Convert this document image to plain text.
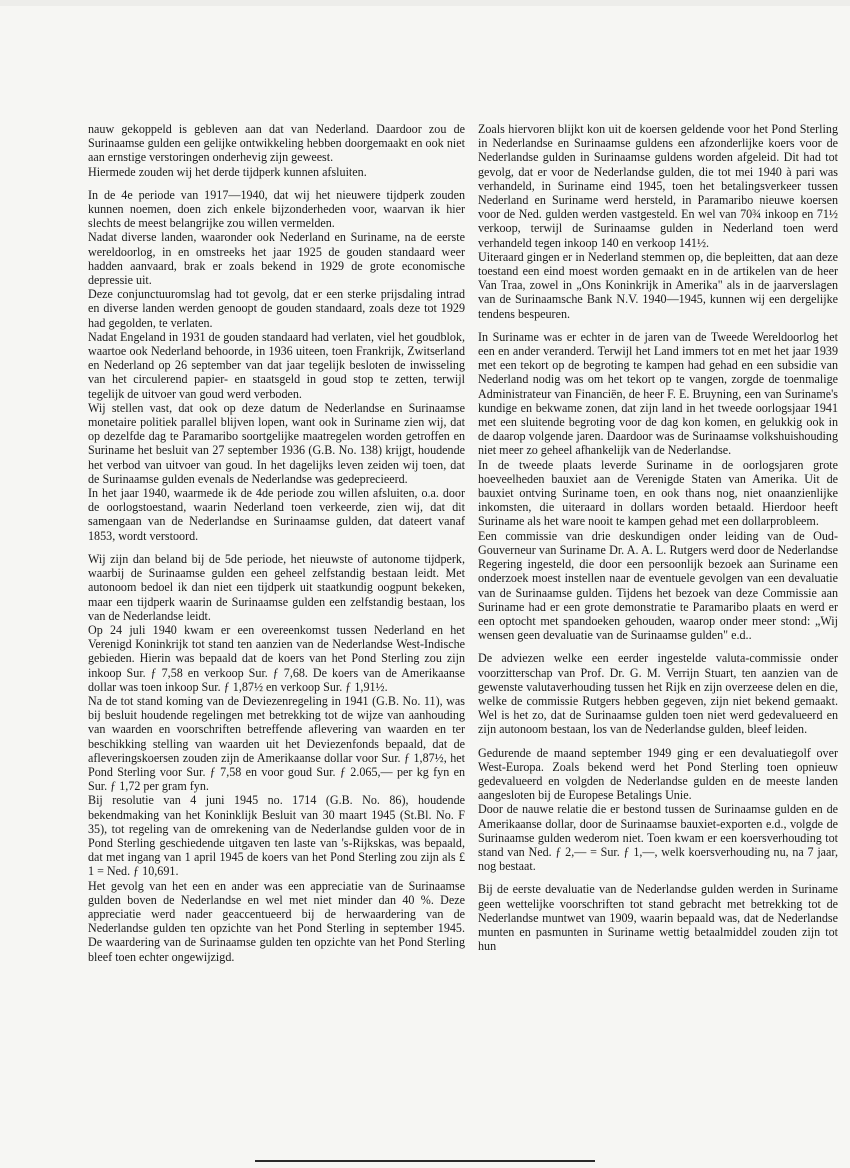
nauw gekoppeld is gebleven aan dat van Nederland. Daardoor zou de Surinaamse gulden een gelijke ontwikkeling hebben doorgemaakt en ook niet aan ernstige verstoringen onderhevig zijn geweest.

Hiermede zouden wij het derde tijdperk kunnen afsluiten.

In de 4e periode van 1917—1940, dat wij het nieuwere tijdperk zouden kunnen noemen, doen zich enkele bijzonderheden voor, waarvan ik hier slechts de meest belangrijke zou willen vermelden.

Nadat diverse landen, waaronder ook Nederland en Suriname, na de eerste wereldoorlog, in en omstreeks het jaar 1925 de gouden standaard weer hadden aanvaard, brak er zoals bekend in 1929 de grote economische depressie uit.

Deze conjunctuuromslag had tot gevolg, dat er een sterke prijsdaling intrad en diverse landen werden genoopt de gouden standaard, zoals deze tot 1929 had gegolden, te verlaten.

Nadat Engeland in 1931 de gouden standaard had verlaten, viel het goudblok, waartoe ook Nederland behoorde, in 1936 uiteen, toen Frankrijk, Zwitserland en Nederland op 26 september van dat jaar tegelijk besloten de inwisseling van het circulerend papier- en staatsgeld in goud stop te zetten, terwijl tegelijk de uitvoer van goud werd verboden.

Wij stellen vast, dat ook op deze datum de Nederlandse en Surinaamse monetaire politiek parallel blijven lopen, want ook in Suriname zien wij, dat op dezelfde dag te Paramaribo soortgelijke maatregelen worden getroffen en Suriname het besluit van 27 september 1936 (G.B. No. 138) krijgt, houdende het verbod van uitvoer van goud. In het dagelijks leven zeiden wij toen, dat de Surinaamse gulden evenals de Nederlandse was gedeprecieerd.

In het jaar 1940, waarmede ik de 4de periode zou willen afsluiten, o.a. door de oorlogstoestand, waarin Nederland toen verkeerde, zien wij, dat dit samengaan van de Nederlandse en Surinaamse gulden, dat dateert vanaf 1853, wordt verstoord.

Wij zijn dan beland bij de 5de periode, het nieuwste of autonome tijdperk, waarbij de Surinaamse gulden een geheel zelfstandig bestaan leidt. Met autonoom bedoel ik dan niet een tijdperk uit staatkundig oogpunt bekeken, maar een tijdperk waarin de Surinaamse gulden een zelfstandig bestaan, los van de Nederlandse leidt.

Op 24 juli 1940 kwam er een overeenkomst tussen Nederland en het Verenigd Koninkrijk tot stand ten aanzien van de Nederlandse West-Indische gebieden. Hierin was bepaald dat de koers van het Pond Sterling zou zijn inkoop Sur. ƒ 7,58 en verkoop Sur. ƒ 7,68. De koers van de Amerikaanse dollar was toen inkoop Sur. ƒ 1,87½ en verkoop Sur. ƒ 1,91½.

Na de tot stand koming van de Deviezenregeling in 1941 (G.B. No. 11), was bij besluit houdende regelingen met betrekking tot de wijze van aanhouding van waarden en voorschriften betreffende aflevering van waarden en ter beschikking stelling van waarden uit het Deviezenfonds bepaald, dat de afleveringskoersen zouden zijn de Amerikaanse dollar voor Sur. ƒ 1,87½, het Pond Sterling voor Sur. ƒ 7,58 en voor goud Sur. ƒ 2.065,— per kg fyn en Sur. ƒ 1,72 per gram fyn.

Bij resolutie van 4 juni 1945 no. 1714 (G.B. No. 86), houdende bekendmaking van het Koninklijk Besluit van 30 maart 1945 (St.Bl. No. F 35), tot regeling van de omrekening van de Nederlandse gulden voor de in Pond Sterling geschiedende uitgaven ten laste van 's-Rijkskas, was bepaald, dat met ingang van 1 april 1945 de koers van het Pond Sterling zou zijn als £ 1 = Ned. ƒ 10,691.

Het gevolg van het een en ander was een appreciatie van de Surinaamse gulden boven de Nederlandse en wel met niet minder dan 40 %. Deze appreciatie werd nader geaccentueerd bij de herwaardering van de Nederlandse gulden ten opzichte van het Pond Sterling in september 1945. De waardering van de Surinaamse gulden ten opzichte van het Pond Sterling bleef toen echter ongewijzigd.

Zoals hiervoren blijkt kon uit de koersen geldende voor het Pond Sterling in Nederlandse en Surinaamse guldens een afzonderlijke koers voor de Nederlandse gulden in Surinaamse guldens worden afgeleid. Dit had tot gevolg, dat er voor de Nederlandse gulden, die tot mei 1940 à pari was verhandeld, in Suriname eind 1945, toen het betalingsverkeer tussen Nederland en Suriname werd hersteld, in Paramaribo nieuwe koersen voor de Ned. gulden werden vastgesteld. En wel van 70¾ inkoop en 71½ verkoop, terwijl de Surinaamse gulden in Nederland toen werd verhandeld tegen inkoop 140 en verkoop 141½.

Uiteraard gingen er in Nederland stemmen op, die bepleitten, dat aan deze toestand een eind moest worden gemaakt en in de artikelen van de heer Van Traa, zowel in „Ons Koninkrijk in Amerika" als in de jaarverslagen van de Surinaamsche Bank N.V. 1940—1945, kunnen wij een dergelijke tendens bespeuren.

In Suriname was er echter in de jaren van de Tweede Wereldoorlog het een en ander veranderd. Terwijl het Land immers tot en met het jaar 1939 met een tekort op de begroting te kampen had gehad en een subsidie van Nederland nodig was om het tekort op te vangen, zorgde de toenmalige Administrateur van Financiën, de heer F. E. Bruyning, een van Suriname's kundige en bekwame zonen, dat zijn land in het tweede oorlogsjaar 1941 met een sluitende begroting voor de dag kon komen, en gelukkig ook in de daarop volgende jaren. Daardoor was de Surinaamse volkshuishouding niet meer zo geheel afhankelijk van de Nederlandse.

In de tweede plaats leverde Suriname in de oorlogsjaren grote hoeveelheden bauxiet aan de Verenigde Staten van Amerika. Uit de bauxiet ontving Suriname toen, en ook thans nog, niet onaanzienlijke inkomsten, die uiteraard in dollars worden betaald. Hierdoor heeft Suriname als het ware nooit te kampen gehad met een dollarprobleem.

Een commissie van drie deskundigen onder leiding van de Oud-Gouverneur van Suriname Dr. A. A. L. Rutgers werd door de Nederlandse Regering ingesteld, die door een persoonlijk bezoek aan Suriname een onderzoek moest instellen naar de eventuele gevolgen van een devaluatie van de Surinaamse gulden. Tijdens het bezoek van deze Commissie aan Suriname had er een grote demonstratie te Paramaribo plaats en werd er een optocht met spandoeken gehouden, waarop onder meer stond: „Wij wensen geen devaluatie van de Surinaamse gulden" e.d..

De adviezen welke een eerder ingestelde valuta-commissie onder voorzitterschap van Prof. Dr. G. M. Verrijn Stuart, ten aanzien van de gewenste valutaverhouding tussen het Rijk en zijn overzeese delen en die, welke de commissie Rutgers hebben gegeven, zijn niet bekend gemaakt. Wel is het zo, dat de Surinaamse gulden toen niet werd gedevalueerd en zijn autonoom bestaan, los van de Nederlandse gulden, bleef leiden.

Gedurende de maand september 1949 ging er een devaluatiegolf over West-Europa. Zoals bekend werd het Pond Sterling toen opnieuw gedevalueerd en volgden de Nederlandse gulden en de meeste landen aangesloten bij de Europese Betalings Unie.

Door de nauwe relatie die er bestond tussen de Surinaamse gulden en de Amerikaanse dollar, door de Surinaamse bauxiet-exporten e.d., volgde de Surinaamse gulden wederom niet. Toen kwam er een koersverhouding tot stand van Ned. ƒ 2,— = Sur. ƒ 1,—, welk koersverhouding nu, na 7 jaar, nog bestaat.

Bij de eerste devaluatie van de Nederlandse gulden werden in Suriname geen wettelijke voorschriften tot stand gebracht met betrekking tot de Nederlandse muntwet van 1909, waarin bepaald was, dat de Nederlandse munten en pasmunten in Suriname wettig betaalmiddel zouden zijn tot hun
